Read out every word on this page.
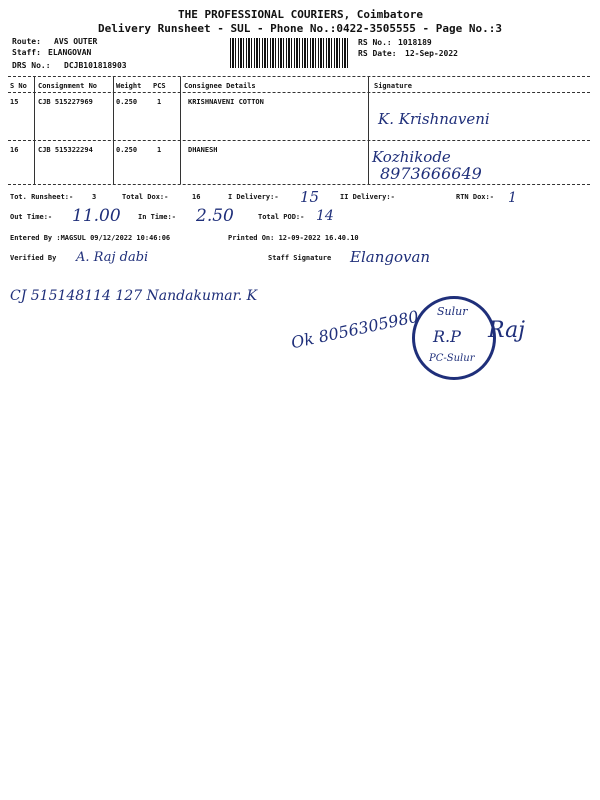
THE PROFESSIONAL COURIERS, Coimbatore
Delivery Runsheet - SUL - Phone No.:0422-3505555 - Page No.:3
Route: AVS OUTER
Staff: ELANGOVAN
DRS No.: DCJB101818903
RS No.: 1018189
RS Date: 12-Sep-2022
S No Consignment No	Weight PCS	Consignee Details	Signature
15	CJB 515227969	0.250	1	KRISHNAVENI COTTON
K. Krishnaveni
16	CJB 515322294	0.250	1	DHANESH	Kozhikode
8973666649
Tot. Runsheet:-	3	Total Dox:-	16	I Delivery:- 15	II Delivery:-	RTN Dox:- 1
Out Time:- 11.00 In Time:- 2.50	Total POD:- 14
Entered By :MAGSUL 09/12/2022 10:46:06	Printed On: 12-09-2022 16.40.10
Verified By A. Raj dabi	Staff Signature Elangovan
CJ 515148114 127 Nandakumar. K
Ok 8056305980 Sulur
R.P
PC-Sulur
Raj
